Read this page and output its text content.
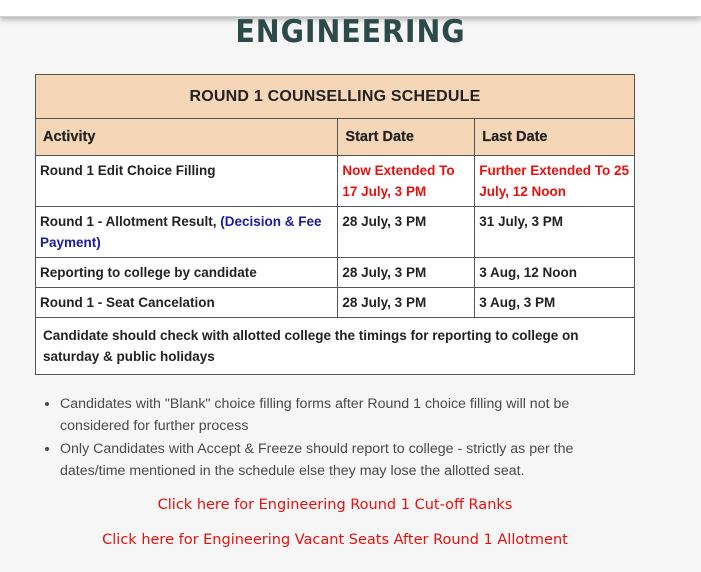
ENGINEERING
ROUND 1 COUNSELLING SCHEDULE		
Activity	Start Date	Last Date
Round 1 Edit Choice Filling	Now Extended To 17 July, 3 PM	Further Extended To 25 July, 12 Noon
Round 1 - Allotment Result, (Decision & Fee Payment)	28 July, 3 PM	31 July, 3 PM
Reporting to college by candidate	28 July, 3 PM	3 Aug, 12 Noon
Round 1 - Seat Cancelation	28 July, 3 PM	3 Aug, 3 PM
Candidate should check with allotted college the timings for reporting to college on saturday & public holidays		
• Candidates with "Blank" choice filling forms after Round 1 choice filling will not be considered for further process
• Only Candidates with Accept & Freeze should report to college - strictly as per the dates/time mentioned in the schedule else they may lose the allotted seat.
Click here for Engineering Round 1 Cut-off Ranks
Click here for Engineering Vacant Seats After Round 1 Allotment
